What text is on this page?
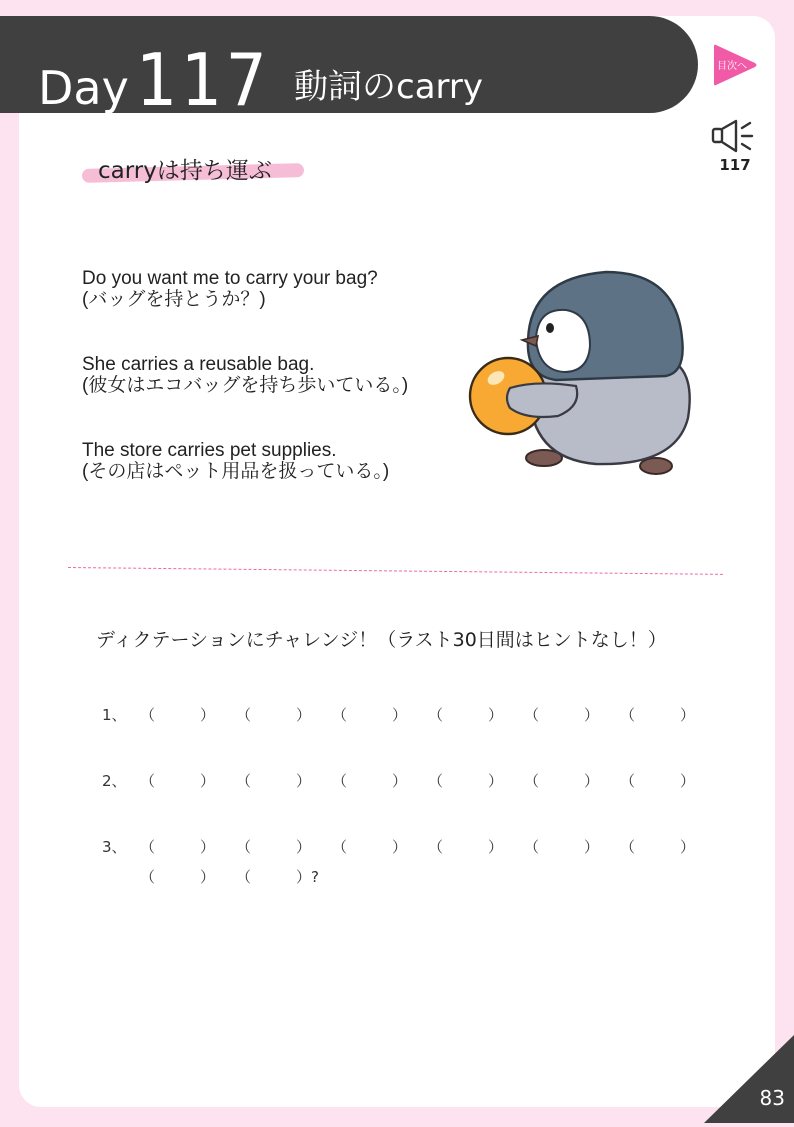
Day 117 動詞のcarry
目次へ
117
carryは持ち運ぶ
Do you want me to carry your bag?
(バッグを持とうか？)
She carries a reusable bag.
(彼女はエコバッグを持ち歩いている。)
The store carries pet supplies.
(その店はペット用品を扱っている。)
ディクテーションにチャレンジ！（ラスト30日間はヒントなし！）
1、 （　　　） （　　　） （　　　） （　　　） （　　　） （　　　）
2、 （　　　） （　　　） （　　　） （　　　） （　　　） （　　　）
3、 （　　　） （　　　） （　　　） （　　　） （　　　） （　　　）
（　　　） （　　　）?
83
